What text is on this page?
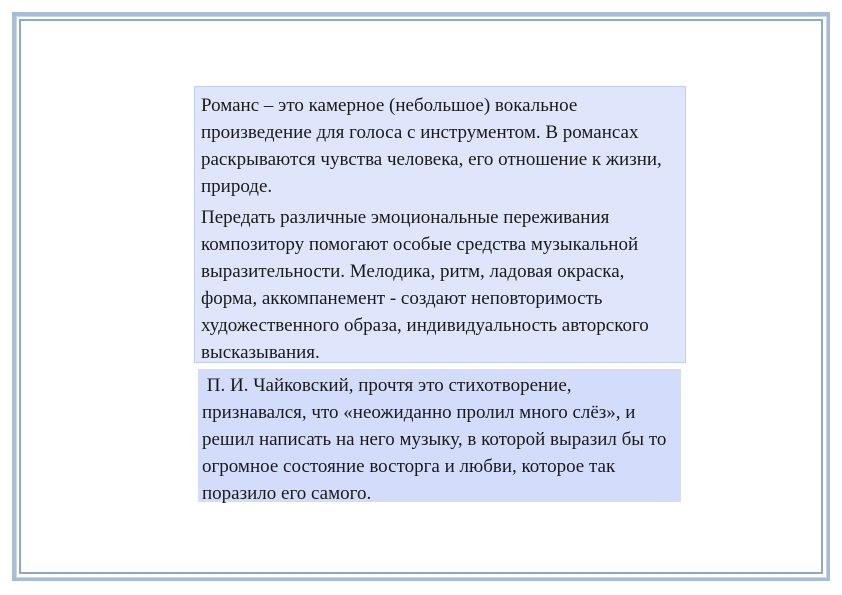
Романс – это камерное (небольшое) вокальное произведение для голоса с инструментом. В романсах раскрываются чувства человека, его отношение к жизни, природе.

Передать различные эмоциональные переживания композитору помогают особые средства музыкальной выразительности. Мелодика, ритм, ладовая окраска, форма, аккомпанемент - создают неповторимость художественного образа, индивидуальность авторского высказывания.

П. И. Чайковский, прочтя это стихотворение, признавался, что «неожиданно пролил много слёз», и решил написать на него музыку, в которой выразил бы то огромное состояние восторга и любви, которое так поразило его самого.
